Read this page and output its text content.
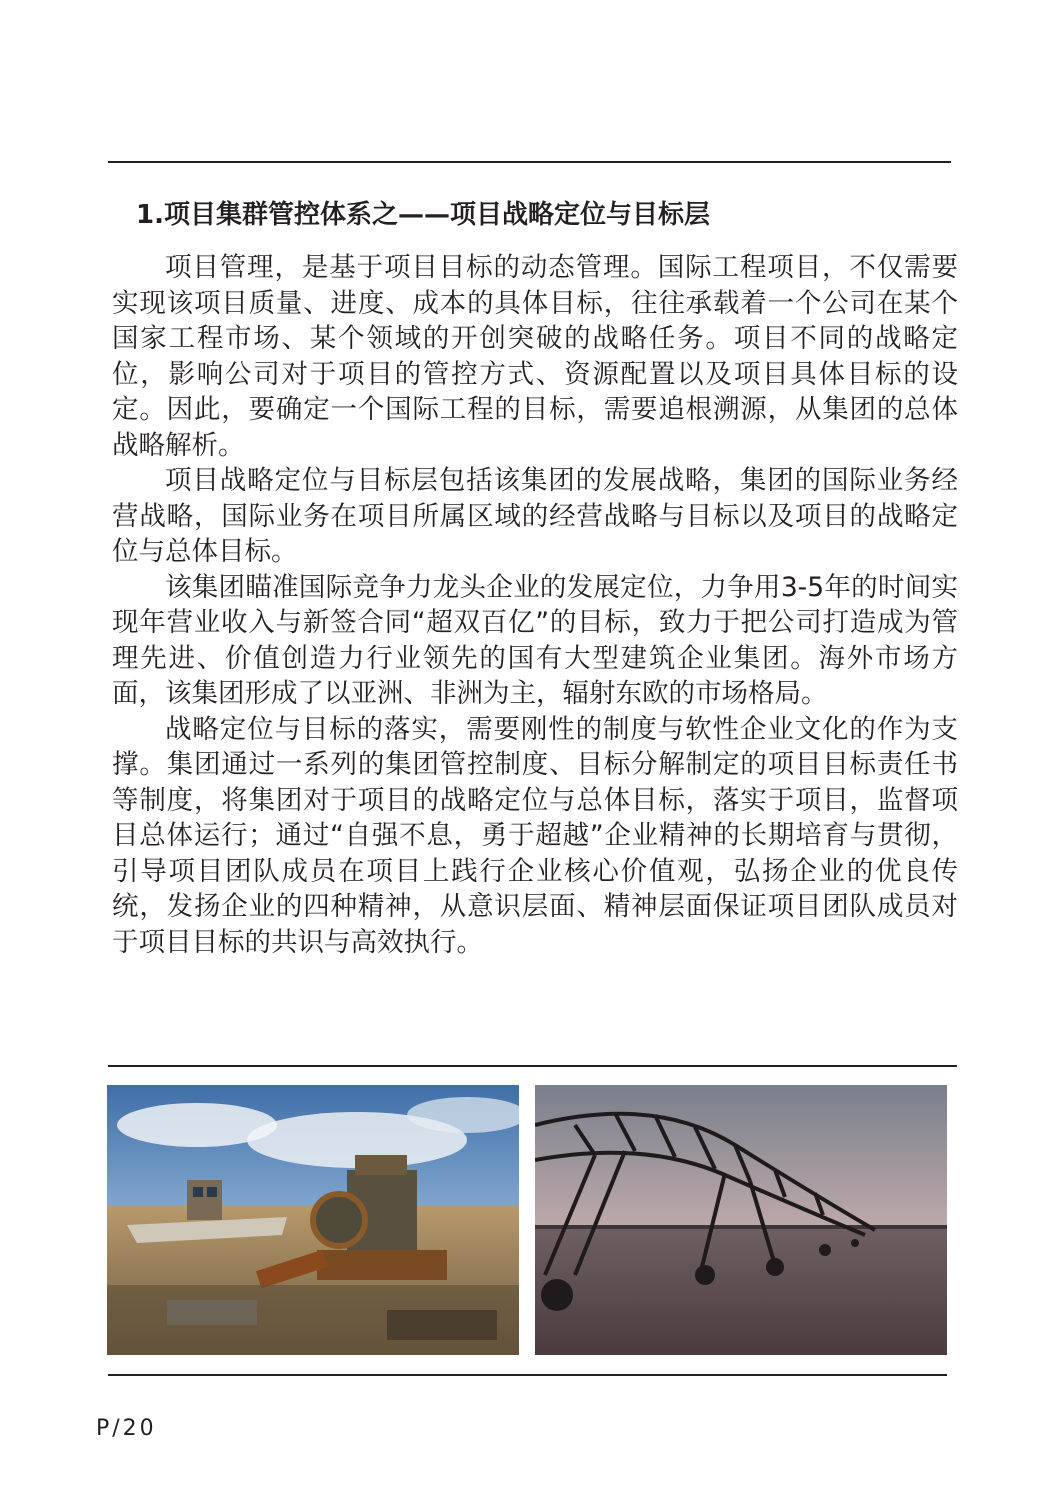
1.项目集群管控体系之——项目战略定位与目标层

项目管理，是基于项目目标的动态管理。国际工程项目，不仅需要实现该项目质量、进度、成本的具体目标，往往承载着一个公司在某个国家工程市场、某个领域的开创突破的战略任务。项目不同的战略定位，影响公司对于项目的管控方式、资源配置以及项目具体目标的设定。因此，要确定一个国际工程的目标，需要追根溯源，从集团的总体战略解析。

项目战略定位与目标层包括该集团的发展战略，集团的国际业务经营战略，国际业务在项目所属区域的经营战略与目标以及项目的战略定位与总体目标。

该集团瞄准国际竞争力龙头企业的发展定位，力争用3-5年的时间实现年营业收入与新签合同“超双百亿”的目标，致力于把公司打造成为管理先进、价值创造力行业领先的国有大型建筑企业集团。海外市场方面，该集团形成了以亚洲、非洲为主，辐射东欧的市场格局。

战略定位与目标的落实，需要刚性的制度与软性企业文化的作为支撑。集团通过一系列的集团管控制度、目标分解制定的项目目标责任书等制度，将集团对于项目的战略定位与总体目标，落实于项目，监督项目总体运行；通过“自强不息，勇于超越”企业精神的长期培育与贯彻，引导项目团队成员在项目上践行企业核心价值观，弘扬企业的优良传统，发扬企业的四种精神，从意识层面、精神层面保证项目团队成员对于项目目标的共识与高效执行。

P/20
